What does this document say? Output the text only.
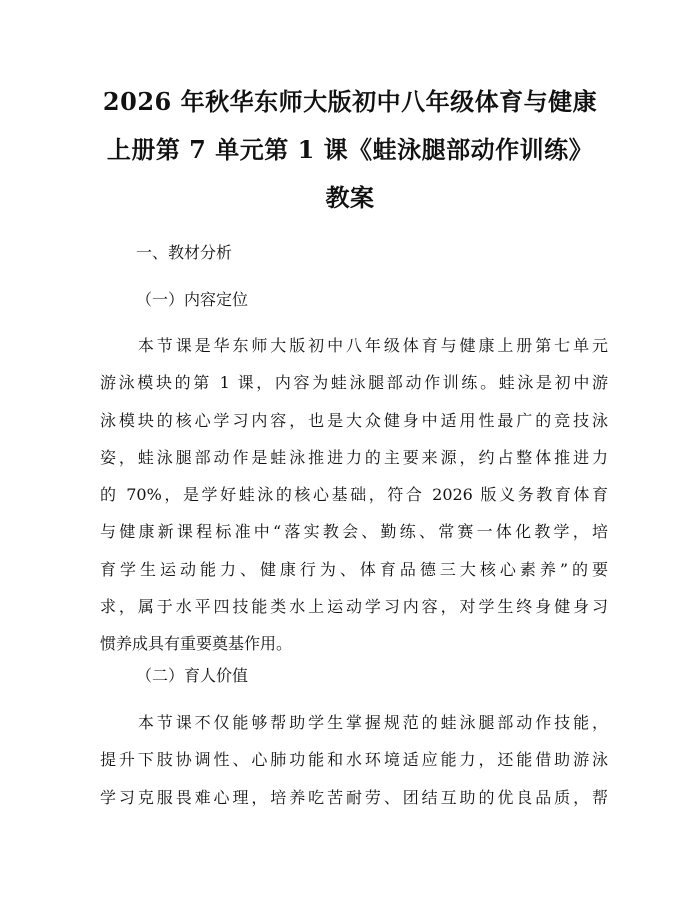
2026 年秋华东师大版初中八年级体育与健康
上册第 7 单元第 1 课《蛙泳腿部动作训练》
教案
一、教材分析
（一）内容定位
　　本节课是华东师大版初中八年级体育与健康上册第七单元
游泳模块的第 1 课，内容为蛙泳腿部动作训练。蛙泳是初中游
泳模块的核心学习内容，也是大众健身中适用性最广的竞技泳
姿，蛙泳腿部动作是蛙泳推进力的主要来源，约占整体推进力
的 70%，是学好蛙泳的核心基础，符合 2026 版义务教育体育
与健康新课程标准中“落实教会、勤练、常赛一体化教学，培
育学生运动能力、健康行为、体育品德三大核心素养”的要
求，属于水平四技能类水上运动学习内容，对学生终身健身习
惯养成具有重要奠基作用。
（二）育人价值
　　本节课不仅能够帮助学生掌握规范的蛙泳腿部动作技能，
提升下肢协调性、心肺功能和水环境适应能力，还能借助游泳
学习克服畏难心理，培养吃苦耐劳、团结互助的优良品质，帮
